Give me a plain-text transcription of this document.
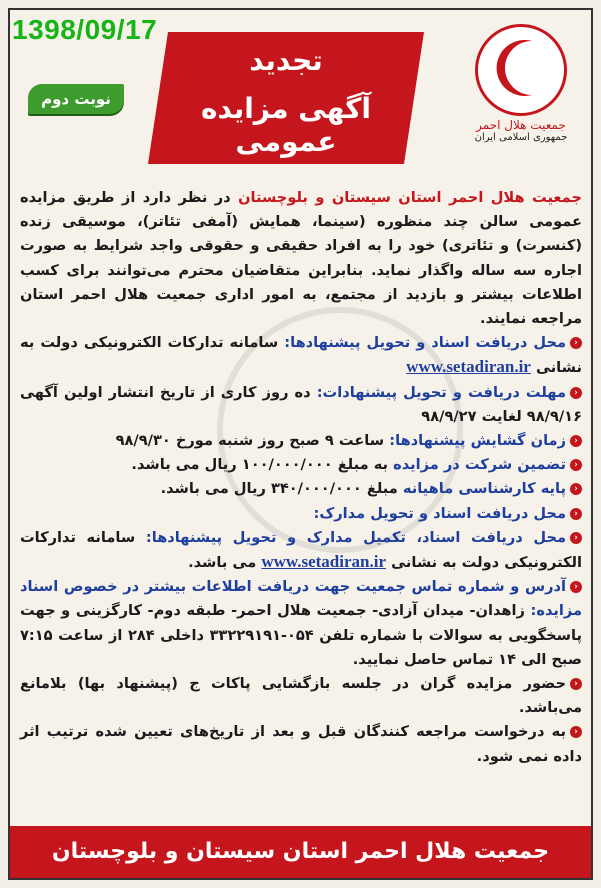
1398/09/17
نوبت دوم
تجدید
آگهی مزایده عمومی	جمعیت هلال احمر
جمهوری اسلامی ایران

جمعیت هلال احمر استان سیستان و بلوچستان در نظر دارد از طریق مزایده عمومی سالن چند منظوره (سینما، همایش (آمفی تئاتر)، موسیقی زنده (کنسرت) و تئاتری) خود را به افراد حقیقی و حقوقی واجد شرایط به صورت اجاره سه ساله واگذار نماید. بنابراین متقاضیان محترم می‌توانند برای کسب اطلاعات بیشتر و بازدید از مجتمع، به امور اداری جمعیت هلال احمر استان مراجعه نمایند.

‹محل دریافت اسناد و تحویل پیشنهادها: سامانه تدارکات الکترونیکی دولت به نشانی www.setadiran.ir

‹مهلت دریافت و تحویل پیشنهادات: ده روز کاری از تاریخ انتشار اولین آگهی ۹۸/۹/۱۶ لغایت ۹۸/۹/۲۷

‹زمان گشایش پیشنهادها: ساعت ۹ صبح روز شنبه مورخ ۹۸/۹/۳۰

‹تضمین شرکت در مزایده به مبلغ ۱۰۰/۰۰۰/۰۰۰ ریال می باشد.

‹پایه کارشناسی ماهیانه مبلغ ۳۴۰/۰۰۰/۰۰۰ ریال می باشد.

‹محل دریافت اسناد و تحویل مدارک:

‹محل دریافت اسناد، تکمیل مدارک و تحویل پیشنهادها: سامانه تدارکات الکترونیکی دولت به نشانی www.setadiran.ir می باشد.

‹آدرس و شماره تماس جمعیت جهت دریافت اطلاعات بیشتر در خصوص اسناد مزایده: زاهدان- میدان آزادی- جمعیت هلال احمر- طبقه دوم- کارگزینی و جهت پاسخگویی به سوالات با شماره تلفن ۰۵۴-۳۳۲۲۹۱۹۱ داخلی ۲۸۴ از ساعت ۷:۱۵ صبح الی ۱۴ تماس حاصل نمایید.

‹حضور مزایده گران در جلسه بازگشایی پاکات ج (پیشنهاد بها) بلامانع می‌باشد.

‹به درخواست مراجعه کنندگان قبل و بعد از تاریخ‌های تعیین شده ترتیب اثر داده نمی شود.

جمعیت هلال احمر استان سیستان و بلوچستان
